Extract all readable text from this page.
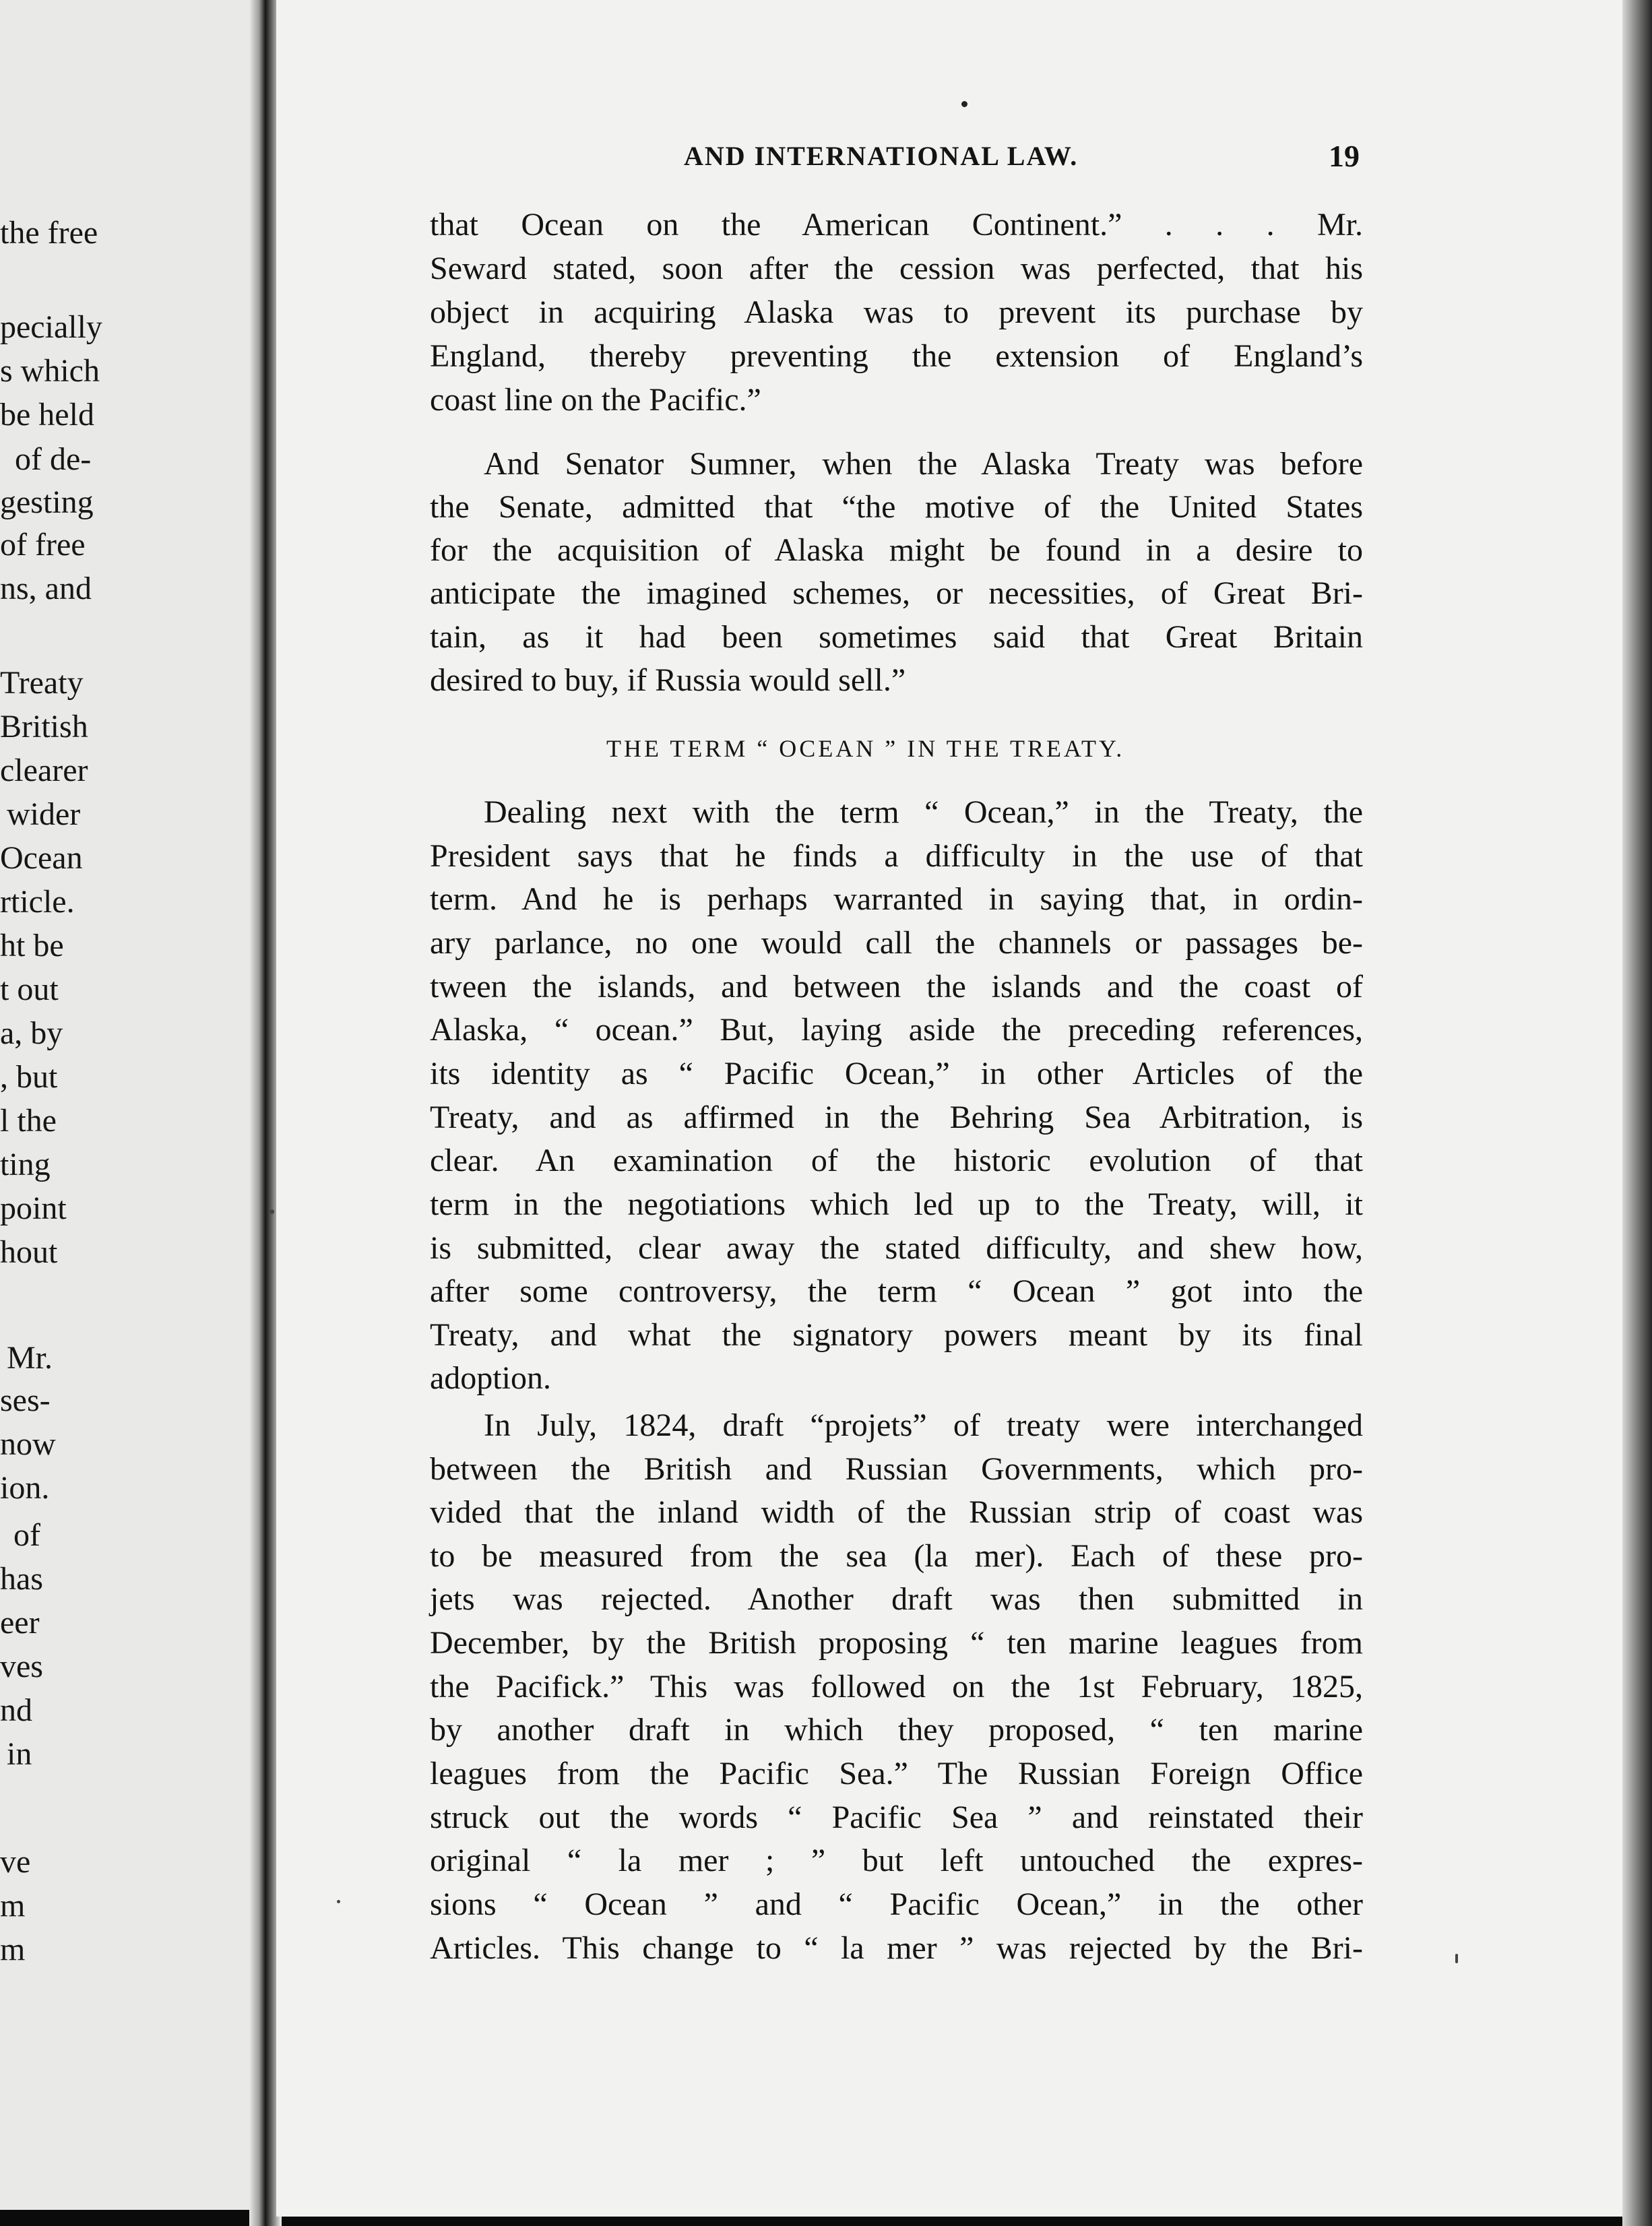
the free
pecially
s which
be held
of de-
gesting
of free
ns, and
Treaty
British
clearer
wider
Ocean
rticle.
ht be
t out
a, by
, but
l the
ting
point
hout
Mr.
ses-
now
ion.
of
has
eer
ves
nd
in
ve
m
m
AND INTERNATIONAL LAW.	19
that Ocean on the American Continent.” . . . Mr.
Seward stated, soon after the cession was perfected, that his
object in acquiring Alaska was to prevent its purchase by
England, thereby preventing the extension of England’s
coast line on the Pacific.”
And Senator Sumner, when the Alaska Treaty was before
the Senate, admitted that “the motive of the United States
for the acquisition of Alaska might be found in a desire to
anticipate the imagined schemes, or necessities, of Great Bri-
tain, as it had been sometimes said that Great Britain
desired to buy, if Russia would sell.”
THE TERM “ OCEAN ” IN THE TREATY.
Dealing next with the term “ Ocean,” in the Treaty, the
President says that he finds a difficulty in the use of that
term. And he is perhaps warranted in saying that, in ordin-
ary parlance, no one would call the channels or passages be-
tween the islands, and between the islands and the coast of
Alaska, “ ocean.” But, laying aside the preceding references,
its identity as “ Pacific Ocean,” in other Articles of the
Treaty, and as affirmed in the Behring Sea Arbitration, is
clear. An examination of the historic evolution of that
term in the negotiations which led up to the Treaty, will, it
is submitted, clear away the stated difficulty, and shew how,
after some controversy, the term “ Ocean ” got into the
Treaty, and what the signatory powers meant by its final
adoption.
In July, 1824, draft “projets” of treaty were interchanged
between the British and Russian Governments, which pro-
vided that the inland width of the Russian strip of coast was
to be measured from the sea (la mer). Each of these pro-
jets was rejected. Another draft was then submitted in
December, by the British proposing “ ten marine leagues from
the Pacifick.” This was followed on the 1st February, 1825,
by another draft in which they proposed, “ ten marine
leagues from the Pacific Sea.” The Russian Foreign Office
struck out the words “ Pacific Sea ” and reinstated their
original “ la mer ; ” but left untouched the expres-
sions “ Ocean ” and “ Pacific Ocean,” in the other
Articles. This change to “ la mer ” was rejected by the Bri-
